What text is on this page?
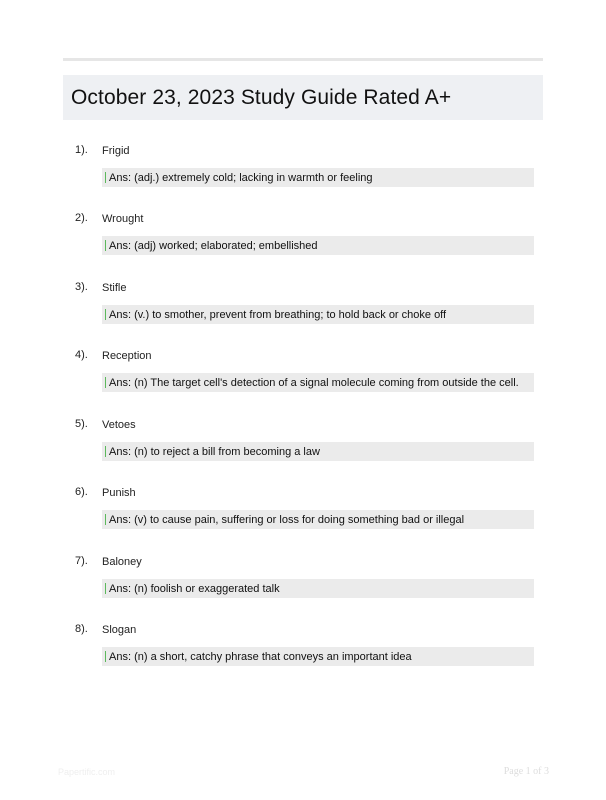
October 23, 2023 Study Guide Rated A+
1). Frigid
Ans: (adj.) extremely cold; lacking in warmth or feeling
2). Wrought
Ans: (adj) worked; elaborated; embellished
3). Stifle
Ans: (v.) to smother, prevent from breathing; to hold back or choke off
4). Reception
Ans: (n) The target cell's detection of a signal molecule coming from outside the cell.
5). Vetoes
Ans: (n) to reject a bill from becoming a law
6). Punish
Ans: (v) to cause pain, suffering or loss for doing something bad or illegal
7). Baloney
Ans: (n) foolish or exaggerated talk
8). Slogan
Ans: (n) a short, catchy phrase that conveys an important idea
Papertific.com	Page 1 of 3
